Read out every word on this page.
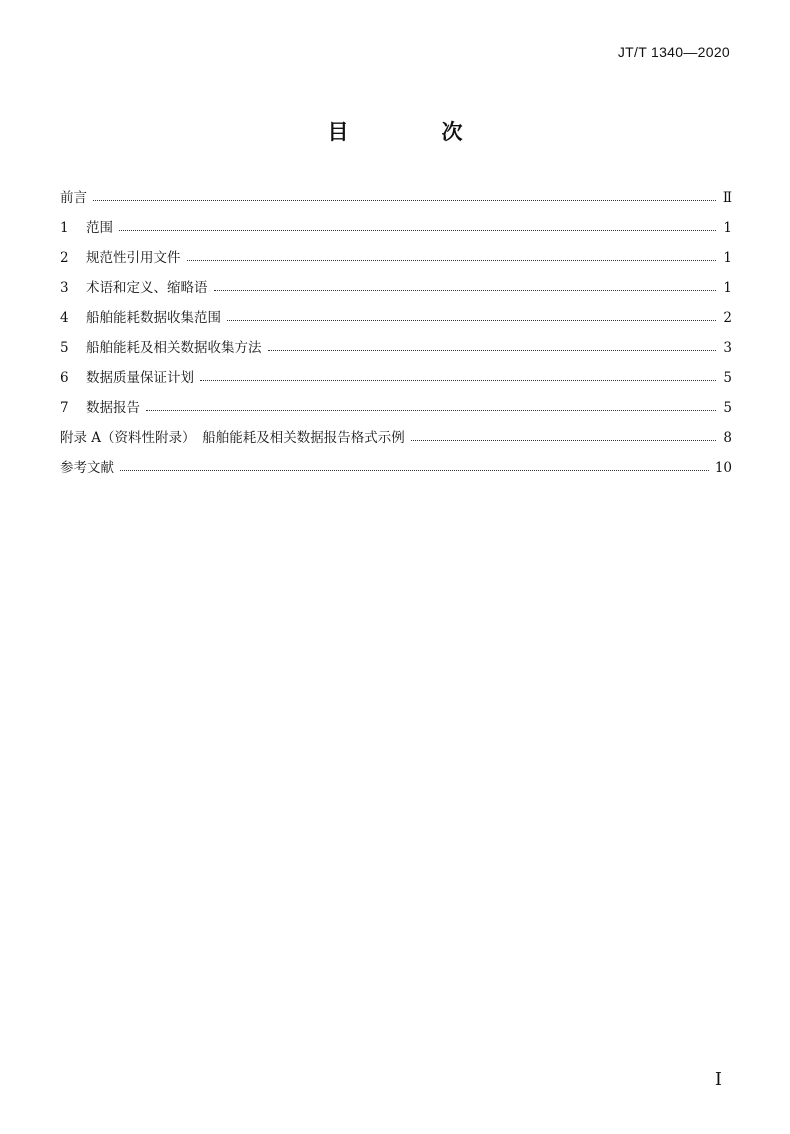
JT/T 1340—2020
目　次
前言	Ⅱ
1	范围	1
2	规范性引用文件	1
3	术语和定义、缩略语	1
4	船舶能耗数据收集范围	2
5	船舶能耗及相关数据收集方法	3
6	数据质量保证计划	5
7	数据报告	5
附录 A（资料性附录）　船舶能耗及相关数据报告格式示例	8
参考文献	10
Ⅰ
